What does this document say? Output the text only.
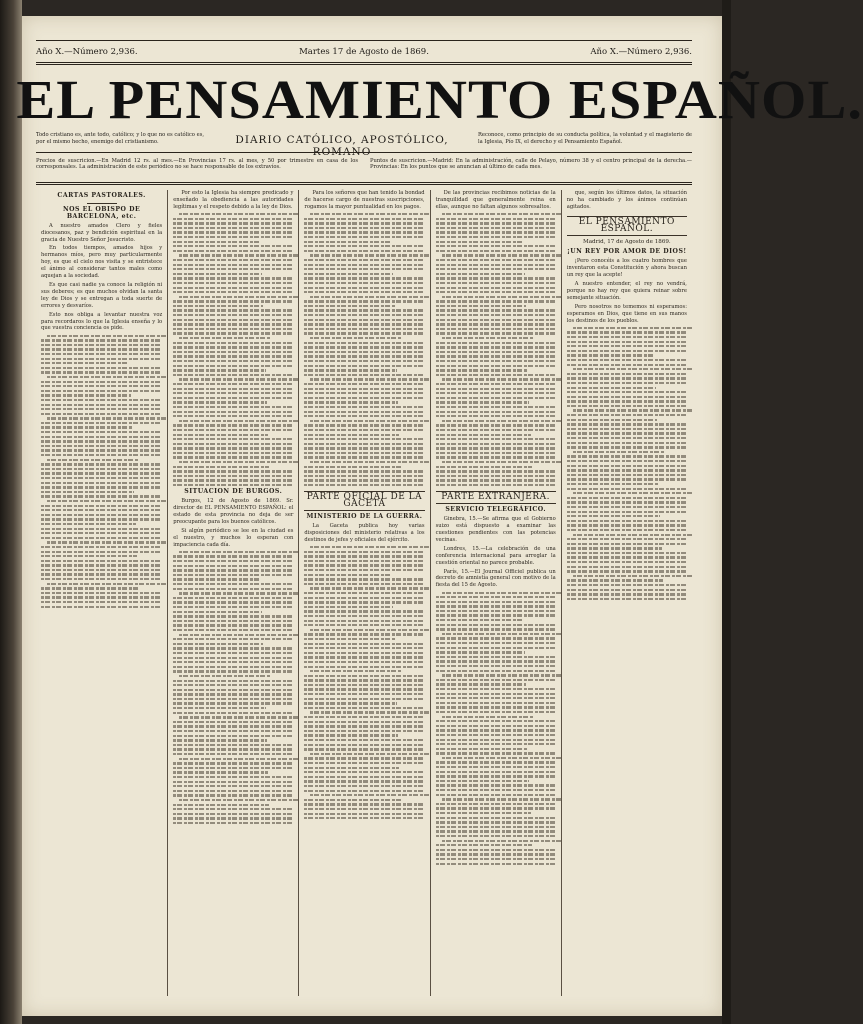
Año X.—Número 2,936.	Martes 17 de Agosto de 1869.	Año X.—Número 2,936.
EL PENSAMIENTO ESPAÑOL.
Todo cristiano es, ante todo, católico; y lo que no es católico es, por el mismo hecho, enemigo del cristianismo.	DIARIO CATÓLICO, APOSTÓLICO, ROMANO
Reconoce, como principio de su conducta política, la voluntad y el magisterio de la Iglesia, Pío IX, el derecho y el Pensamiento Español.
Precios de suscricion.—En Madrid 12 rs. al mes.—En Provincias 17 rs. al mes, y 50 por trimestre en casa de los corresponsales. La administración de este periódico no se hace responsable de los extravíos.
Puntos de suscricion.—Madrid: En la administración, calle de Pelayo, número 38 y el centro principal de la derecha.—Provincias: En los puntos que se anuncian al último de cada mes.
CARTAS PASTORALES.
NOS EL OBISPO DE BARCELONA, etc.

A nuestro amados Clero y fieles diocesanos, paz y bendición espiritual en la gracia de Nuestro Señor Jesucristo.

En todos tiempos, amados hijos y hermanos míos, pero muy particularmente hoy, es que el cielo nos visita y se entristece el ánimo al considerar tantos males como aquejan a la sociedad.

Es que casi nadie ya conoce la religión ni sus deberes; es que muchos olvidan la santa ley de Dios y se entregan a toda suerte de errores y desvaríos.

Esto nos obliga a levantar nuestra voz para recordaros lo que la Iglesia enseña y lo que vuestra conciencia os pide.

Por esto la Iglesia ha siempre predicado y enseñado la obediencia a las autoridades legítimas y el respeto debido a la ley de Dios.

SITUACION DE BURGOS.

Burgos, 12 de Agosto de 1869. Sr. director de EL PENSAMIENTO ESPAÑOL: el estado de esta provincia no deja de ser preocupante para los buenos católicos.

Si algún periódico se lee en la ciudad es el nuestro, y muchos lo esperan con impaciencia cada día.

Para los señores que han tenido la bondad de hacerse cargo de nuestras suscripciones, rogamos la mayor puntualidad en los pagos.

PARTE OFICIAL DE LA GACETA
MINISTERIO DE LA GUERRA.

La Gaceta publica hoy varias disposiciones del ministerio relativas a los destinos de jefes y oficiales del ejército.

De las provincias recibimos noticias de la tranquilidad que generalmente reina en ellas, aunque no faltan algunos sobresaltos.

PARTE EXTRANJERA.
SERVICIO TELEGRÁFICO.

Ginebra, 15.—Se afirma que el Gobierno suizo está dispuesto a examinar las cuestiones pendientes con las potencias vecinas.

Londres, 15.—La celebración de una conferencia internacional para arreglar la cuestión oriental no parece probable.

París, 15.—El Journal Officiel publica un decreto de amnistía general con motivo de la fiesta del 15 de Agosto.

que, según los últimos datos, la situación no ha cambiado y los ánimos continúan agitados.

EL PENSAMIENTO ESPAÑOL.
Madrid, 17 de Agosto de 1869.
¡UN REY POR AMOR DE DIOS!

¡Pero conocéis a los cuatro hombres que inventaron esta Constitución y ahora buscan un rey que la acepte!

A nuestro entender, el rey no vendrá, porque no hay rey que quiera reinar sobre semejante situación.

Pero nosotros no tememos ni esperamos: esperamos en Dios, que tiene en sus manos los destinos de los pueblos.
